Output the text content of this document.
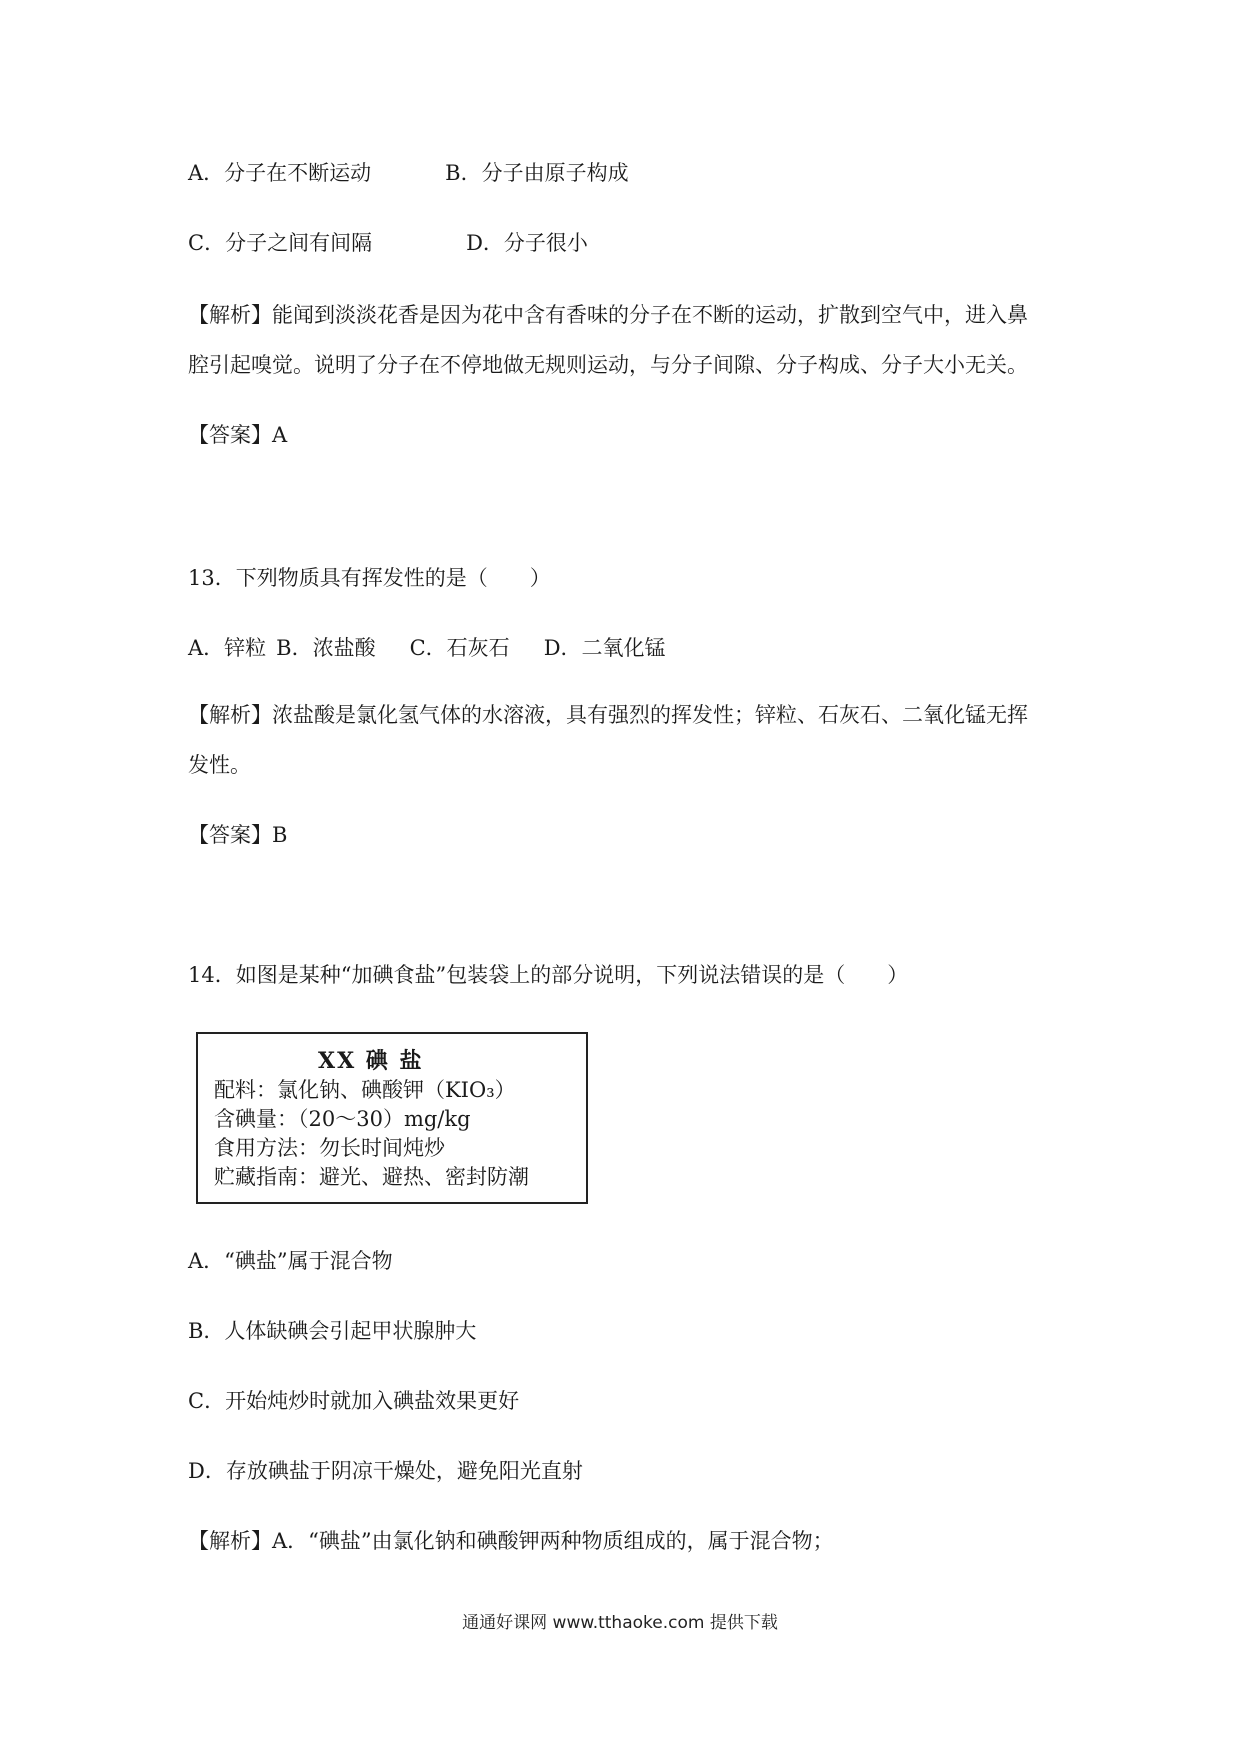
A．分子在不断运动	B．分子由原子构成
C．分子之间有间隔	D．分子很小
【解析】能闻到淡淡花香是因为花中含有香味的分子在不断的运动，扩散到空气中，进入鼻
腔引起嗅觉。说明了分子在不停地做无规则运动，与分子间隙、分子构成、分子大小无关。
【答案】A
13．下列物质具有挥发性的是（　　）
A．锌粒 B．浓盐酸 C．石灰石 D．二氧化锰
【解析】浓盐酸是氯化氢气体的水溶液，具有强烈的挥发性；锌粒、石灰石、二氧化锰无挥
发性。
【答案】B
14．如图是某种“加碘食盐”包装袋上的部分说明，下列说法错误的是（　　）
XX 碘 盐
配料：氯化钠、碘酸钾（KIO₃）
含碘量：（20～30）mg/kg
食用方法：勿长时间炖炒
贮藏指南：避光、避热、密封防潮
A．“碘盐”属于混合物
B．人体缺碘会引起甲状腺肿大
C．开始炖炒时就加入碘盐效果更好
D．存放碘盐于阴凉干燥处，避免阳光直射
【解析】A．“碘盐”由氯化钠和碘酸钾两种物质组成的，属于混合物；
通通好课网 www.tthaoke.com 提供下载
